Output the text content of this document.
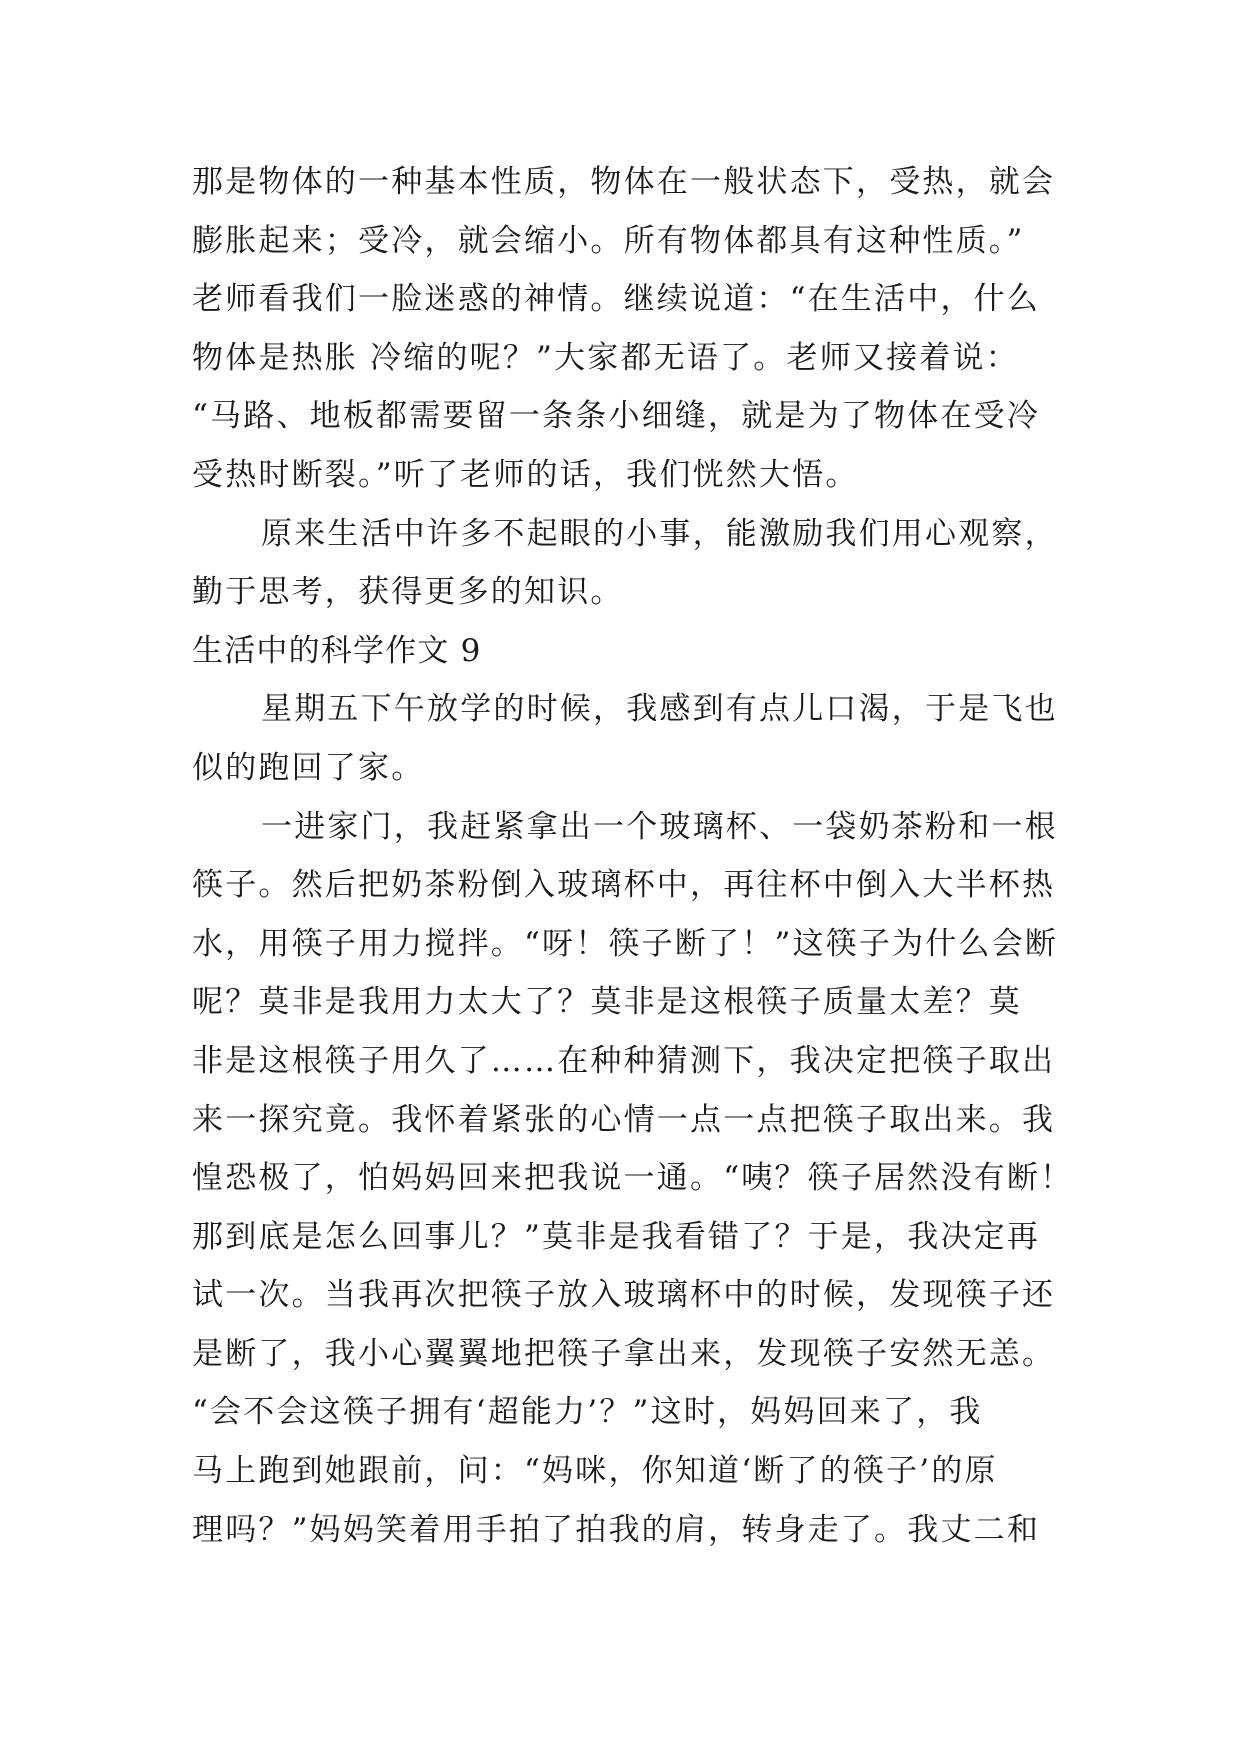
那是物体的一种基本性质，物体在一般状态下，受热，就会
膨胀起来；受冷，就会缩小。所有物体都具有这种性质。”
老师看我们一脸迷惑的神情。继续说道：“在生活中，什么
物体是热胀 冷缩的呢？”大家都无语了。老师又接着说：
“马路、地板都需要留一条条小细缝，就是为了物体在受冷
受热时断裂。”听了老师的话，我们恍然大悟。
原来生活中许多不起眼的小事，能激励我们用心观察，
勤于思考，获得更多的知识。
生活中的科学作文 9
星期五下午放学的时候，我感到有点儿口渴，于是飞也
似的跑回了家。
一进家门，我赶紧拿出一个玻璃杯、一袋奶茶粉和一根
筷子。然后把奶茶粉倒入玻璃杯中，再往杯中倒入大半杯热
水，用筷子用力搅拌。“呀！筷子断了！”这筷子为什么会断
呢？莫非是我用力太大了？莫非是这根筷子质量太差？莫
非是这根筷子用久了……在种种猜测下，我决定把筷子取出
来一探究竟。我怀着紧张的心情一点一点把筷子取出来。我
惶恐极了，怕妈妈回来把我说一通。“咦？筷子居然没有断！
那到底是怎么回事儿？”莫非是我看错了？于是，我决定再
试一次。当我再次把筷子放入玻璃杯中的时候，发现筷子还
是断了，我小心翼翼地把筷子拿出来，发现筷子安然无恙。
“会不会这筷子拥有‘超能力’？”这时，妈妈回来了，我
马上跑到她跟前，问：“妈咪，你知道‘断了的筷子’的原
理吗？”妈妈笑着用手拍了拍我的肩，转身走了。我丈二和
